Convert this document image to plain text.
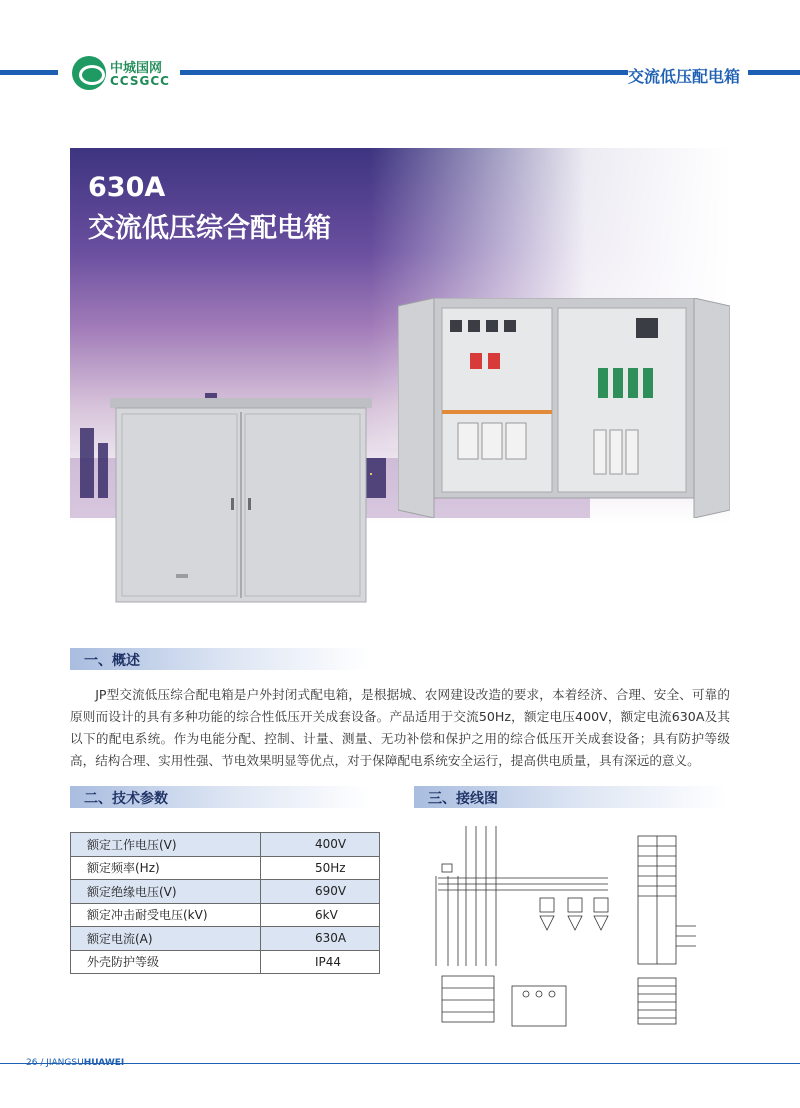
中城国网
CCSGCC	交流低压配电箱
630A
交流低压综合配电箱
一、概述

JP型交流低压综合配电箱是户外封闭式配电箱，是根据城、农网建设改造的要求，本着经济、合理、安全、可靠的原则而设计的具有多种功能的综合性低压开关成套设备。产品适用于交流50Hz，额定电压400V，额定电流630A及其以下的配电系统。作为电能分配、控制、计量、测量、无功补偿和保护之用的综合低压开关成套设备；具有防护等级高，结构合理、实用性强、节电效果明显等优点，对于保障配电系统安全运行，提高供电质量，具有深远的意义。

二、技术参数
额定工作电压(V)	400V
额定频率(Hz)	50Hz
额定绝缘电压(V)	690V
额定冲击耐受电压(kV)	6kV
额定电流(A)	630A
外壳防护等级	IP44
三、接线图
26 / JIANGSUHUAWEI
